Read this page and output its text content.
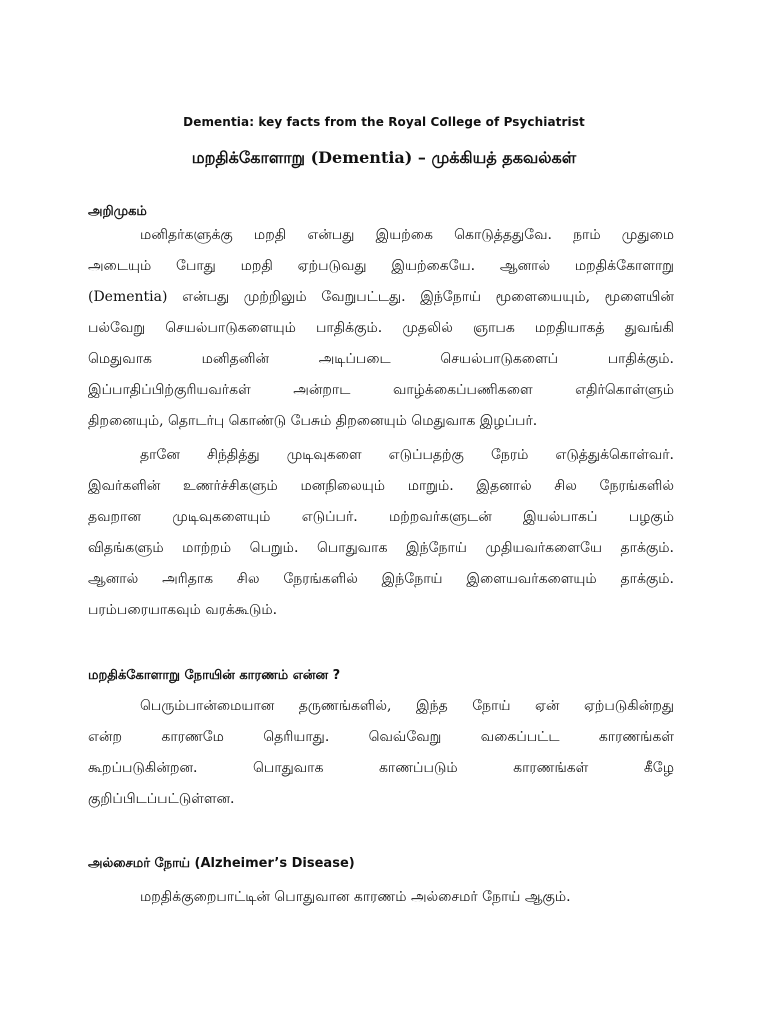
Dementia: key facts from the Royal College of Psychiatrist
மறதிக்கோளாறு (Dementia) – முக்கியத் தகவல்கள்
அறிமுகம்
மனிதர்களுக்கு மறதி என்பது இயற்கை கொடுத்ததுவே. நாம் முதுமை
அடையும் போது மறதி ஏற்படுவது இயற்கையே. ஆனால் மறதிக்கோளாறு
(Dementia) என்பது முற்றிலும் வேறுபட்டது. இந்நோய் மூளையையும், மூளையின்
பல்வேறு செயல்பாடுகளையும் பாதிக்கும். முதலில் ஞாபக மறதியாகத் துவங்கி
மெதுவாக மனிதனின் அடிப்படை செயல்பாடுகளைப் பாதிக்கும்.
இப்பாதிப்பிற்குரியவர்கள் அன்றாட வாழ்க்கைப்பணிகளை எதிர்கொள்ளும்
திறனையும், தொடர்பு கொண்டு பேசும் திறனையும் மெதுவாக இழப்பர்.
தானே சிந்தித்து முடிவுகளை எடுப்பதற்கு நேரம் எடுத்துக்கொள்வர்.
இவர்களின் உணர்ச்சிகளும் மனநிலையும் மாறும். இதனால் சில நேரங்களில்
தவறான முடிவுகளையும் எடுப்பர். மற்றவர்களுடன் இயல்பாகப் பழகும்
விதங்களும் மாற்றம் பெறும். பொதுவாக இந்நோய் முதியவர்களையே தாக்கும்.
ஆனால் அரிதாக சில நேரங்களில் இந்நோய் இளையவர்களையும் தாக்கும்.
பரம்பரையாகவும் வரக்கூடும்.
மறதிக்கோளாறு நோயின் காரணம் என்ன ?
பெரும்பான்மையான தருணங்களில், இந்த நோய் ஏன் ஏற்படுகின்றது
என்ற காரணமே தெரியாது. வெவ்வேறு வகைப்பட்ட காரணங்கள்
கூறப்படுகின்றன. பொதுவாக காணப்படும் காரணங்கள் கீழே
குறிப்பிடப்பட்டுள்ளன.
அல்சைமர் நோய் (Alzheimer’s Disease)
மறதிக்குறைபாட்டின் பொதுவான காரணம் அல்சைமர் நோய் ஆகும்.
